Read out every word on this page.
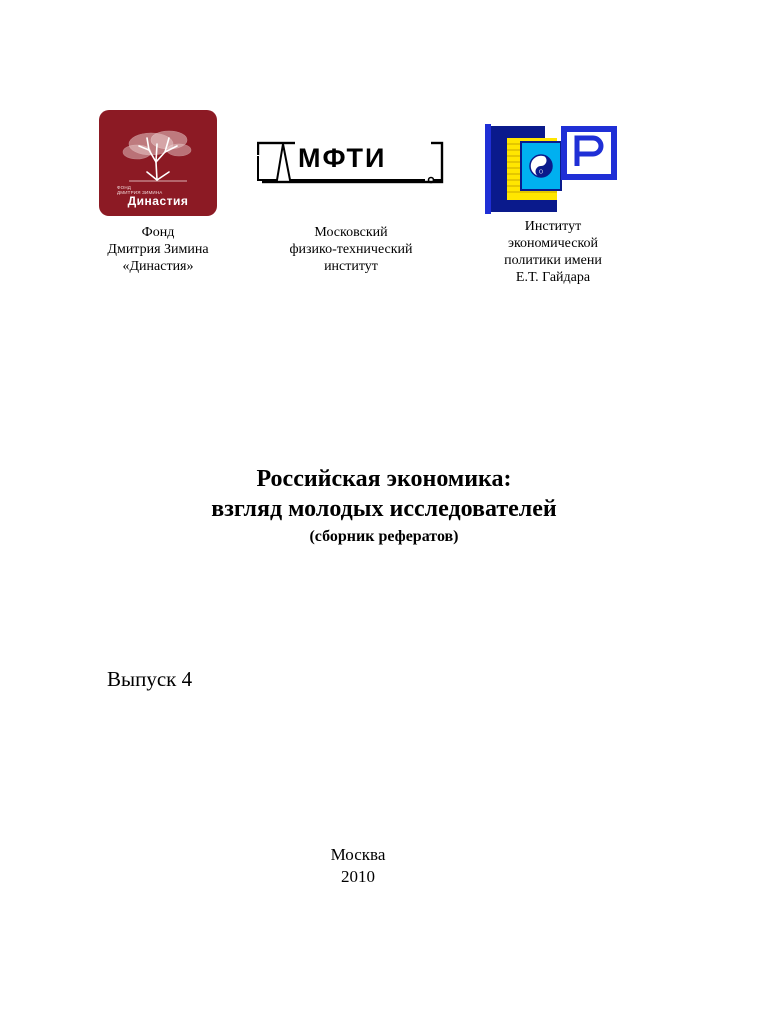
ФОНД
ДМИТРИЯ ЗИМИНА
Династия
МФТИ
Фонд
Дмитрия Зимина
«Династия»
Московский
физико-технический
институт
Институт
экономической
политики имени
Е.Т. Гайдара
Российская экономика:
взгляд молодых исследователей
(сборник рефератов)
Выпуск 4
Москва
2010
